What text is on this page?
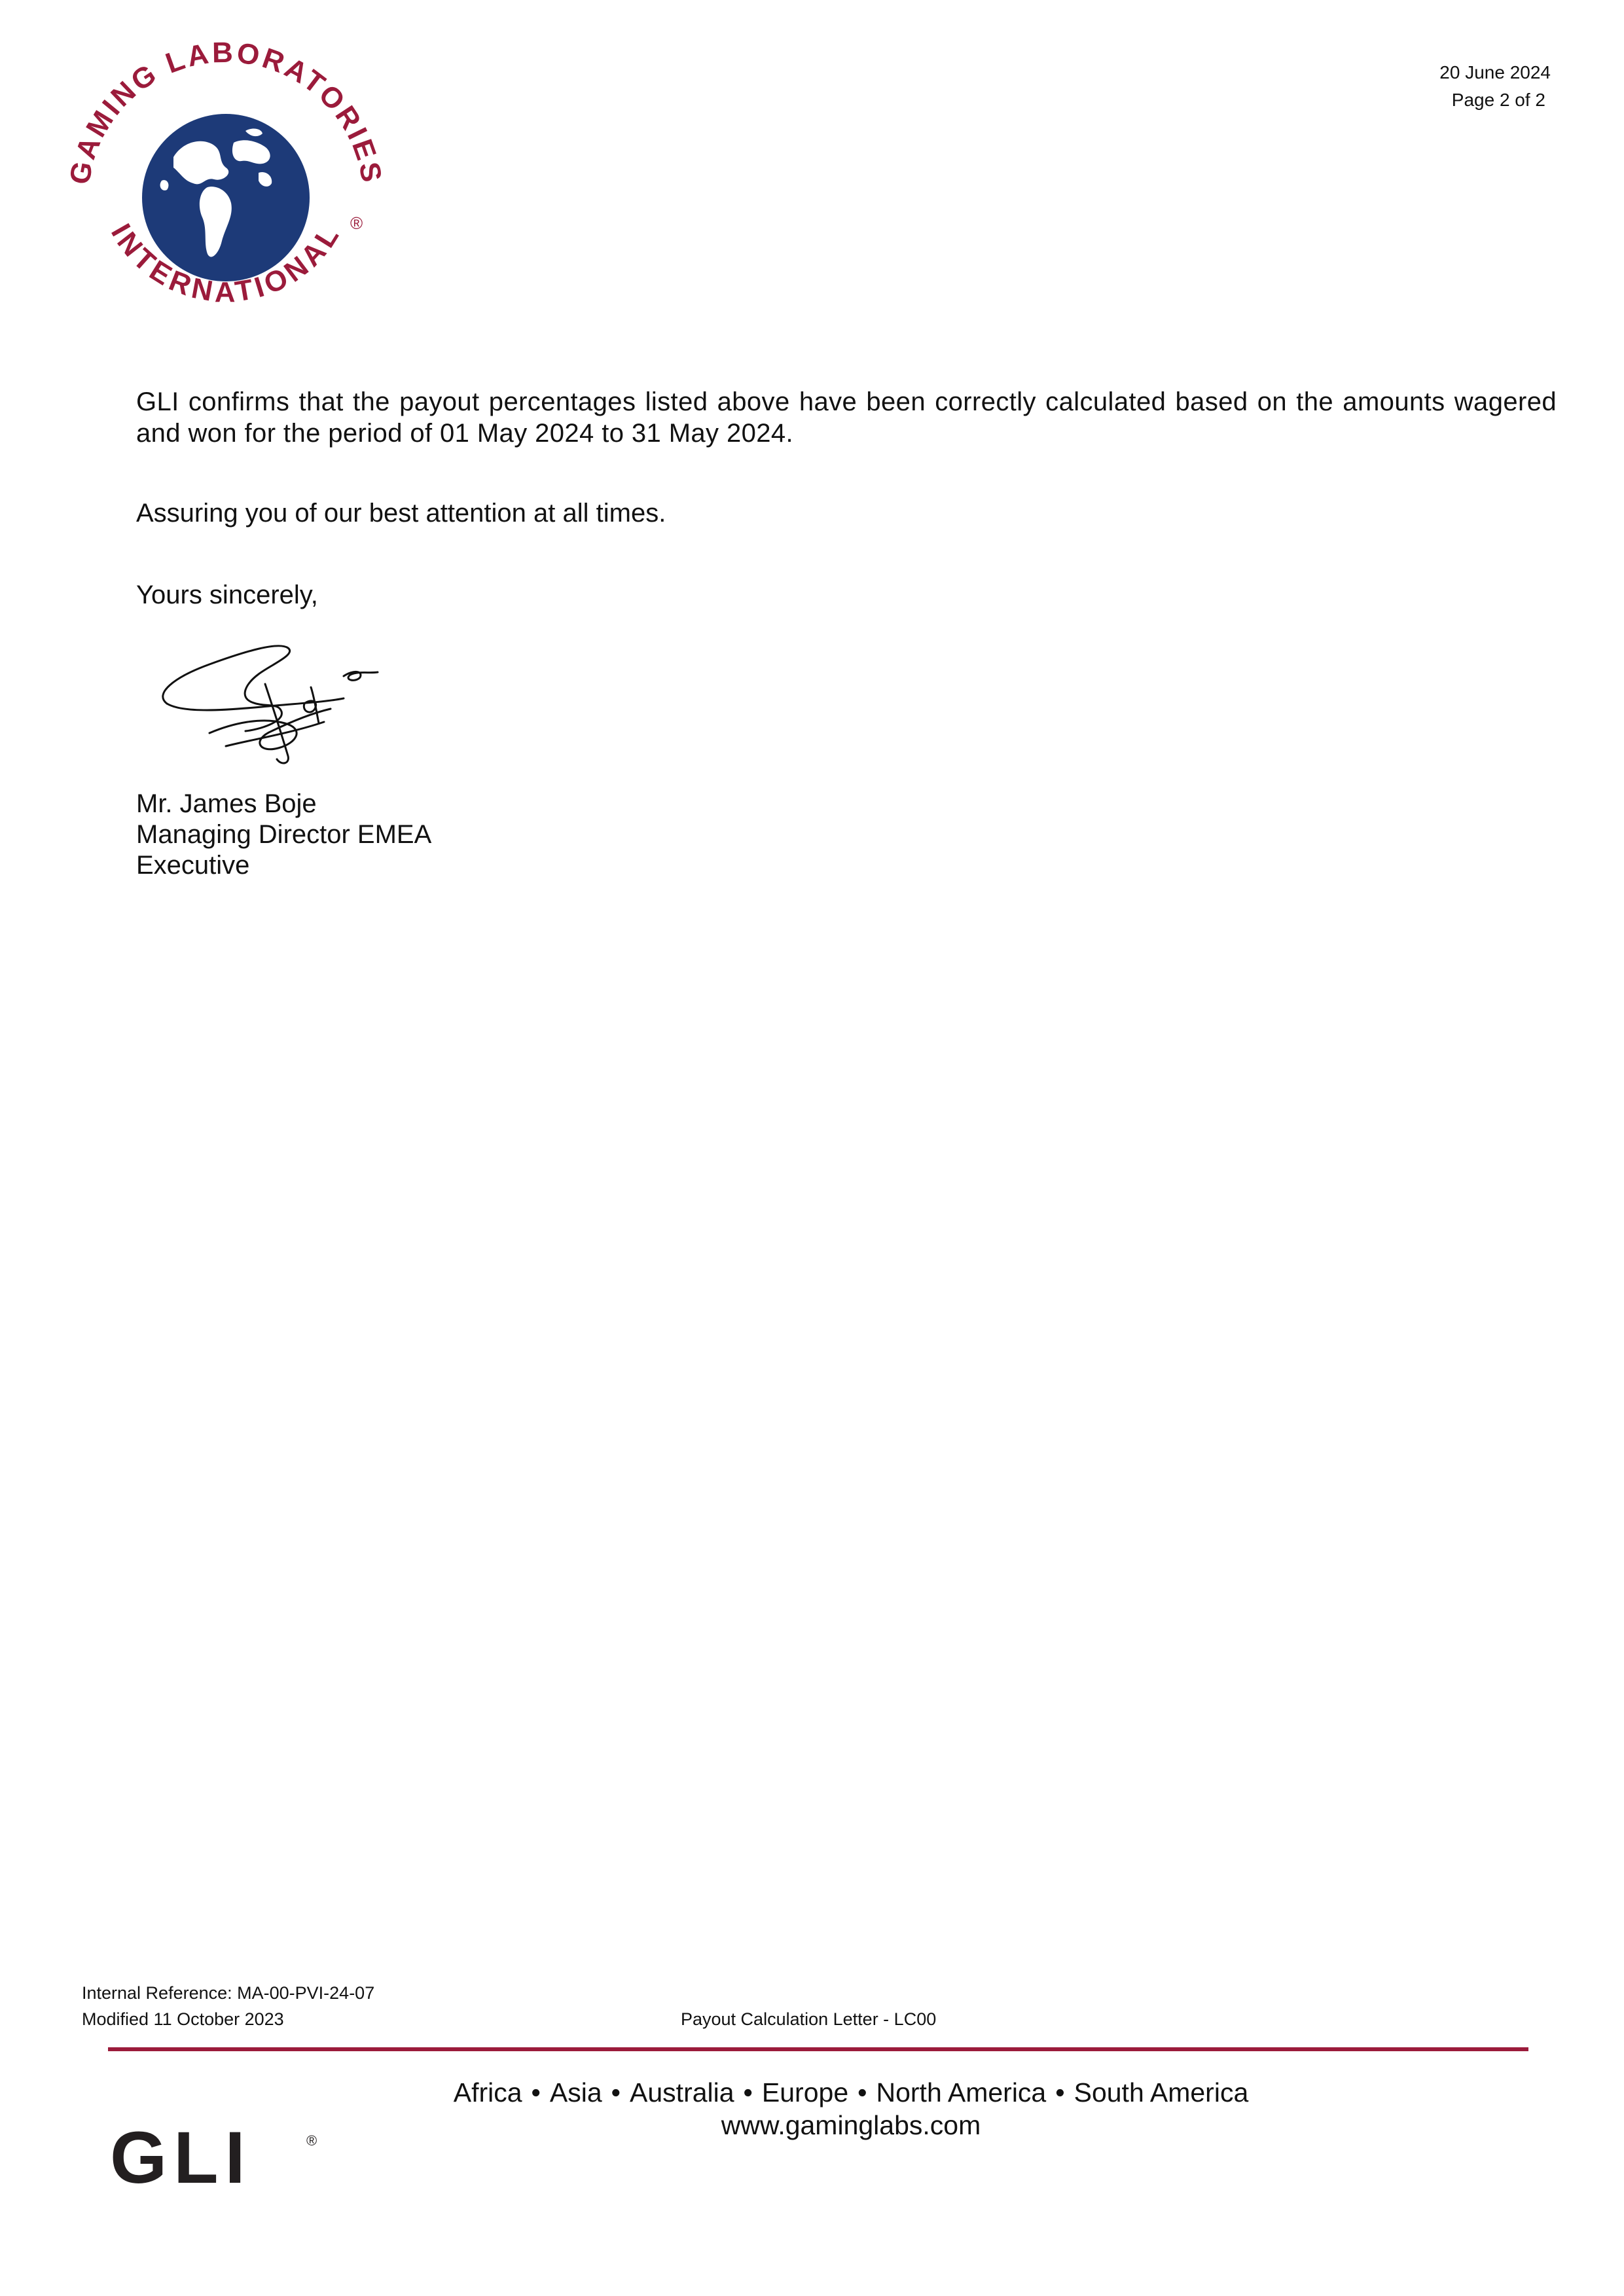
GAMING LABORATORIES
INTERNATIONAL ®
20 June 2024
Page 2 of 2
GLI confirms that the payout percentages listed above have been correctly calculated based on the amounts wagered and won for the period of 01 May 2024 to 31 May 2024.
Assuring you of our best attention at all times.
Yours sincerely,
Mr. James Boje
Managing Director EMEA
Executive
Internal Reference: MA-00-PVI-24-07
Modified 11 October 2023	Payout Calculation Letter - LC00
Africa • Asia • Australia • Europe • North America • South America
www.gaminglabs.com
GLI	®
